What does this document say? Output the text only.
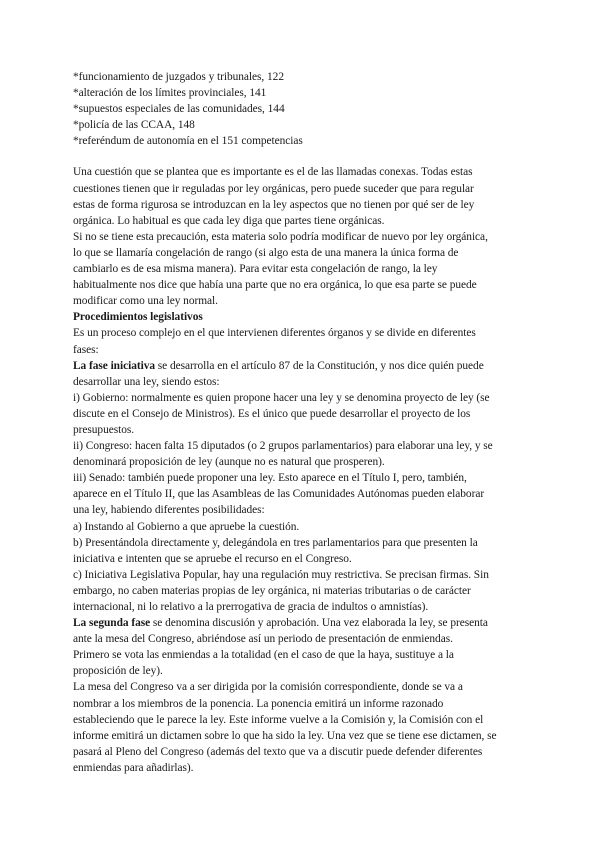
*funcionamiento de juzgados y tribunales, 122
*alteración de los límites provinciales, 141
*supuestos especiales de las comunidades, 144
*policía de las CCAA, 148
*referéndum de autonomía en el 151 competencias
Una cuestión que se plantea que es importante es el de las llamadas conexas. Todas estas
cuestiones tienen que ir reguladas por ley orgánicas, pero puede suceder que para regular
estas de forma rigurosa se introduzcan en la ley aspectos que no tienen por qué ser de ley
orgánica. Lo habitual es que cada ley diga que partes tiene orgánicas.
Si no se tiene esta precaución, esta materia solo podría modificar de nuevo por ley orgánica,
lo que se llamaría congelación de rango (si algo esta de una manera la única forma de
cambiarlo es de esa misma manera). Para evitar esta congelación de rango, la ley
habitualmente nos dice que había una parte que no era orgánica, lo que esa parte se puede
modificar como una ley normal.
Procedimientos legislativos
Es un proceso complejo en el que intervienen diferentes órganos y se divide en diferentes
fases:
La fase iniciativa se desarrolla en el artículo 87 de la Constitución, y nos dice quién puede
desarrollar una ley, siendo estos:
i) Gobierno: normalmente es quien propone hacer una ley y se denomina proyecto de ley (se
discute en el Consejo de Ministros). Es el único que puede desarrollar el proyecto de los
presupuestos.
ii) Congreso: hacen falta 15 diputados (o 2 grupos parlamentarios) para elaborar una ley, y se
denominará proposición de ley (aunque no es natural que prosperen).
iii) Senado: también puede proponer una ley. Esto aparece en el Título I, pero, también,
aparece en el Título II, que las Asambleas de las Comunidades Autónomas pueden elaborar
una ley, habiendo diferentes posibilidades:
a) Instando al Gobierno a que apruebe la cuestión.
b) Presentándola directamente y, delegándola en tres parlamentarios para que presenten la
iniciativa e intenten que se apruebe el recurso en el Congreso.
c) Iniciativa Legislativa Popular, hay una regulación muy restrictiva. Se precisan firmas. Sin
embargo, no caben materias propias de ley orgánica, ni materias tributarias o de carácter
internacional, ni lo relativo a la prerrogativa de gracia de indultos o amnistías).
La segunda fase se denomina discusión y aprobación. Una vez elaborada la ley, se presenta
ante la mesa del Congreso, abriéndose así un periodo de presentación de enmiendas.
Primero se vota las enmiendas a la totalidad (en el caso de que la haya, sustituye a la
proposición de ley).
La mesa del Congreso va a ser dirigida por la comisión correspondiente, donde se va a
nombrar a los miembros de la ponencia. La ponencia emitirá un informe razonado
estableciendo que le parece la ley. Este informe vuelve a la Comisión y, la Comisión con el
informe emitirá un dictamen sobre lo que ha sido la ley. Una vez que se tiene ese dictamen, se
pasará al Pleno del Congreso (además del texto que va a discutir puede defender diferentes
enmiendas para añadirlas).
